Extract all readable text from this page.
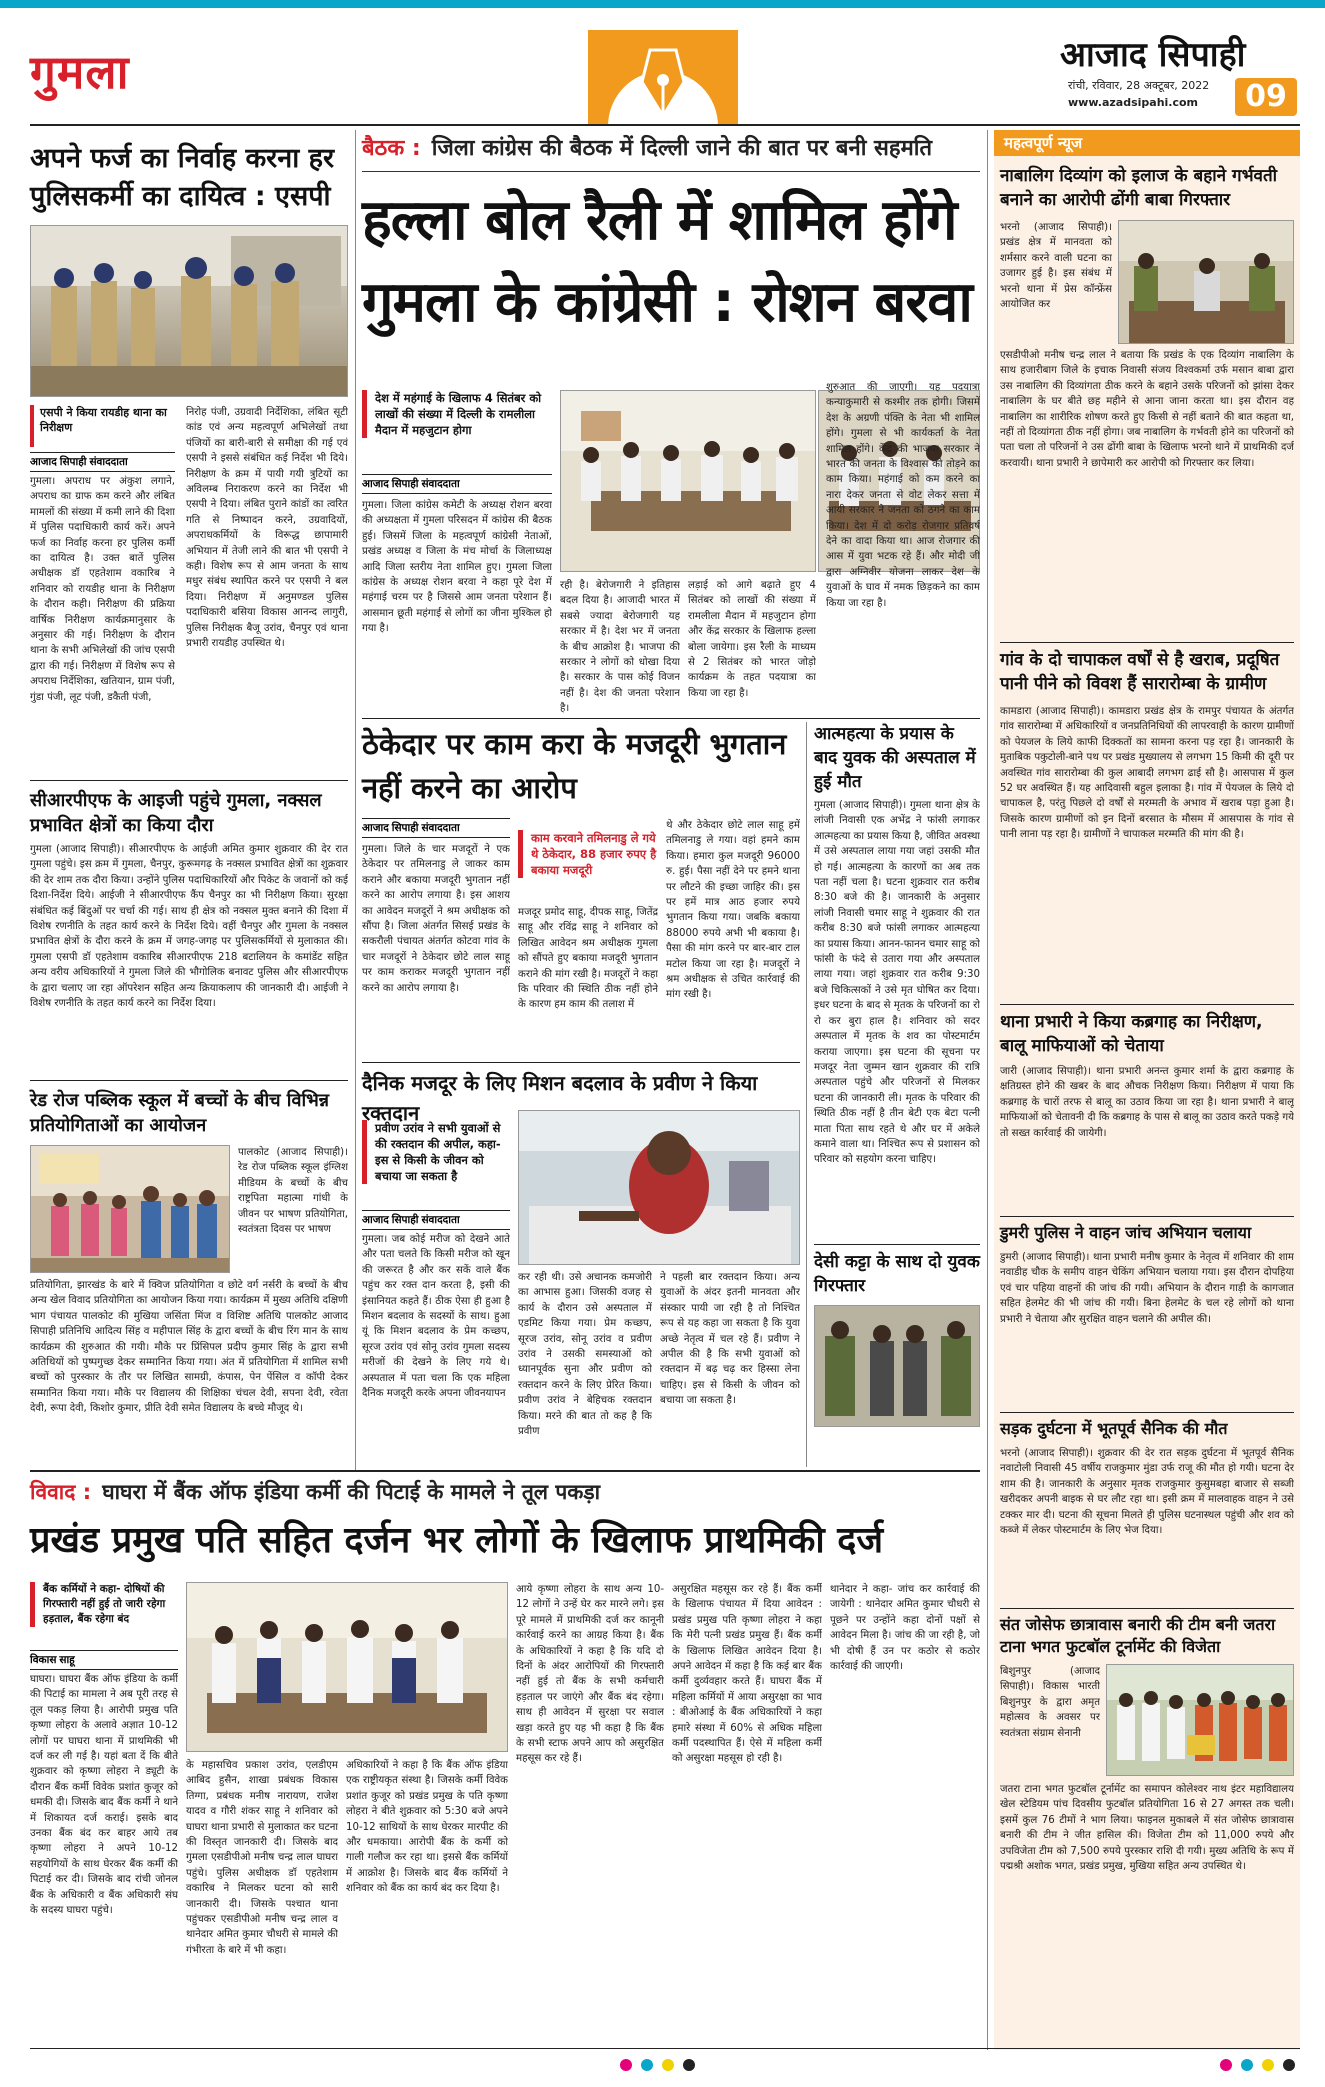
गुमला	आजाद सिपाही
रांची, रविवार, 28 अक्टूबर, 2022
www.azadsipahi.com	09
अपने फर्ज का निर्वाह करना हर पुलिसकर्मी का दायित्व : एसपी
एसपी ने किया रायडीह थाना का निरीक्षण
आजाद सिपाही संवाददाता
गुमला। अपराध पर अंकुश लगाने, अपराध का ग्राफ कम करने और लंबित मामलों की संख्या में कमी लाने की दिशा में पुलिस पदाधिकारी कार्य करें। अपने फर्ज का निर्वाह करना हर पुलिस कर्मी का दायित्व है। उक्त बातें पुलिस अधीक्षक डॉ एहतेशाम वकारिब ने शनिवार को रायडीह थाना के निरीक्षण के दौरान कही। निरीक्षण की प्रक्रिया वार्षिक निरीक्षण कार्यक्रमानुसार के अनुसार की गई। निरीक्षण के दौरान थाना के सभी अभिलेखों की जांच एसपी द्वारा की गई। निरीक्षण में विशेष रूप से अपराध निर्देशिका, खतियान, ग्राम पंजी, गुंडा पंजी, लूट पंजी, डकैती पंजी,
निरोह पंजी, उग्रवादी निर्देशिका, लंबित सूटी कांड एवं अन्य महत्वपूर्ण अभिलेखों तथा पंजियों का बारी-बारी से समीक्षा की गई एवं एसपी ने इससे संबंधित कई निर्देश भी दिये। निरीक्षण के क्रम में पायी गयी त्रुटियों का अविलम्ब निराकरण करने का निर्देश भी एसपी ने दिया। लंबित पुराने कांडों का त्वरित गति से निष्पादन करने, उग्रवादियों, अपराधकर्मियों के विरूद्ध छापामारी अभियान में तेजी लाने की बात भी एसपी ने कही। विशेष रूप से आम जनता के साथ मधुर संबंध स्थापित करने पर एसपी ने बल दिया। निरीक्षण में अनुमण्डल पुलिस पदाधिकारी बसिया विकास आनन्द लागुरी, पुलिस निरीक्षक बैजू उरांव, चैनपुर एवं थाना प्रभारी रायडीह उपस्थित थे।
सीआरपीएफ के आइजी पहुंचे गुमला, नक्सल प्रभावित क्षेत्रों का किया दौरा
गुमला (आजाद सिपाही)। सीआरपीएफ के आईजी अमित कुमार शुक्रवार की देर रात गुमला पहुंचे। इस क्रम में गुमला, चैनपुर, कुरूमगढ़ के नक्सल प्रभावित क्षेत्रों का शुक्रवार की देर शाम तक दौरा किया। उन्होंने पुलिस पदाधिकारियों और पिकेट के जवानों को कई दिशा-निर्देश दिये। आईजी ने सीआरपीएफ कैंप चैनपुर का भी निरीक्षण किया। सुरक्षा संबंधित कई बिंदुओं पर चर्चा की गई। साथ ही क्षेत्र को नक्सल मुक्त बनाने की दिशा में विशेष रणनीति के तहत कार्य करने के निर्देश दिये। वहीं चैनपुर और गुमला के नक्सल प्रभावित क्षेत्रों के दौरा करने के क्रम में जगह-जगह पर पुलिसकर्मियों से मुलाकात की। गुमला एसपी डॉ एहतेशाम वकारिब सीआरपीएफ 218 बटालियन के कमांडेंट सहित अन्य वरीय अधिकारियों ने गुमला जिले की भौगोलिक बनावट पुलिस और सीआरपीएफ के द्वारा चलाए जा रहा ऑपरेशन सहित अन्य क्रियाकलाप की जानकारी दी। आईजी ने विशेष रणनीति के तहत कार्य करने का निर्देश दिया।
रेड रोज पब्लिक स्कूल में बच्चों के बीच विभिन्न प्रतियोगिताओं का आयोजन
पालकोट (आजाद सिपाही)। रेड रोज पब्लिक स्कूल इंग्लिश मीडियम के बच्चों के बीच राष्ट्रपिता महात्मा गांधी के जीवन पर भाषण प्रतियोगिता, स्वतंत्रता दिवस पर भाषण
प्रतियोगिता, झारखंड के बारे में क्विज प्रतियोगिता व छोटे वर्ग नर्सरी के बच्चों के बीच अन्य खेल विवाद प्रतियोगिता का आयोजन किया गया। कार्यक्रम में मुख्य अतिथि दक्षिणी भाग पंचायत पालकोट की मुखिया जसिंता मिंज व विशिष्ट अतिथि पालकोट आजाद सिपाही प्रतिनिधि आदित्य सिंह व महीपाल सिंह के द्वारा बच्चों के बीच रिंग मान के साथ कार्यक्रम की शुरुआत की गयी। मौके पर प्रिंसिपल प्रदीप कुमार सिंह के द्वारा सभी अतिथियों को पुष्पगुच्छ देकर सम्मानित किया गया। अंत में प्रतियोगिता में शामिल सभी बच्चों को पुरस्कार के तौर पर लिखित सामग्री, कंपास, पेन पेंसिल व कॉपी देकर सम्मानित किया गया। मौके पर विद्यालय की शिक्षिका चंचल देवी, सपना देवी, रवेता देवी, रूपा देवी, किशोर कुमार, प्रीति देवी समेत विद्यालय के बच्चे मौजूद थे।
बैठक : जिला कांग्रेस की बैठक में दिल्ली जाने की बात पर बनी सहमति
हल्ला बोल रैली में शामिल होंगे गुमला के कांग्रेसी : रोशन बरवा
देश में महंगाई के खिलाफ 4 सितंबर को लाखों की संख्या में दिल्ली के रामलीला मैदान में महजुटान होगा
आजाद सिपाही संवाददाता
गुमला। जिला कांग्रेस कमेटी के अध्यक्ष रोशन बरवा की अध्यक्षता में गुमला परिसदन में कांग्रेस की बैठक हुई। जिसमें जिला के महत्वपूर्ण कांग्रेसी नेताओं, प्रखंड अध्यक्ष व जिला के मंच मोर्चा के जिलाध्यक्ष आदि जिला स्तरीय नेता शामिल हुए। गुमला जिला कांग्रेस के अध्यक्ष रोशन बरवा ने कहा पूरे देश में महंगाई चरम पर है जिससे आम जनता परेशान हैं। आसमान छूती महंगाई से लोगों का जीना मुश्किल हो गया है।
रही है। बेरोजगारी ने इतिहास बदल दिया है। आजादी भारत में सबसे ज्यादा बेरोजगारी यह सरकार में है। देश भर में जनता के बीच आक्रोश है। भाजपा की सरकार ने लोगों को धोखा दिया है। सरकार के पास कोई विजन नहीं है। देश की जनता परेशान है।
लड़ाई को आगे बढ़ाते हुए 4 सितंबर को लाखों की संख्या में रामलीला मैदान में महजुटान होगा और केंद्र सरकार के खिलाफ हल्ला बोला जायेगा। इस रैली के माध्यम से 2 सितंबर को भारत जोड़ो कार्यक्रम के तहत पदयात्रा का किया जा रहा है।
शुरुआत की जाएगी। यह पदयात्रा कन्याकुमारी से कश्मीर तक होगी। जिसमें देश के अग्रणी पंक्ति के नेता भी शामिल होंगे। गुमला से भी कार्यकर्ता के नेता शामिल होंगे। केंद्र की भाजपा सरकार ने भारत की जनता के विश्वास को तोड़ने का काम किया। महंगाई को कम करने का नारा देकर जनता से वोट लेकर सत्ता में आयी सरकार ने जनता को ठगने का काम किया। देश में दो करोड़ रोजगार प्रतिवर्ष देने का वादा किया था। आज रोजगार की आस में युवा भटक रहे हैं। और मोदी जी द्वारा अग्निवीर योजना लाकर देश के युवाओं के घाव में नमक छिड़कने का काम किया जा रहा है।
ठेकेदार पर काम करा के मजदूरी भुगतान नहीं करने का आरोप
आजाद सिपाही संवाददाता
गुमला। जिले के चार मजदूरों ने एक ठेकेदार पर तमिलनाडु ले जाकर काम कराने और बकाया मजदूरी भुगतान नहीं करने का आरोप लगाया है। इस आशय का आवेदन मजदूरों ने श्रम अधीक्षक को सौंपा है। जिला अंतर्गत सिसई प्रखंड के सकरौली पंचायत अंतर्गत कोटवा गांव के चार मजदूरों ने ठेकेदार छोटे लाल साहू पर काम कराकर मजदूरी भुगतान नहीं करने का आरोप लगाया है।
काम करवाने तमिलनाडु ले गये थे ठेकेदार, 88 हजार रुपए है बकाया मजदूरी
मजदूर प्रमोद साहू, दीपक साहू, जितेंद्र साहू और रविंद्र साहू ने शनिवार को लिखित आवेदन श्रम अधीक्षक गुमला को सौंपते हुए बकाया मजदूरी भुगतान कराने की मांग रखी है। मजदूरों ने कहा कि परिवार की स्थिति ठीक नहीं होने के कारण हम काम की तलाश में
थे और ठेकेदार छोटे लाल साहू हमें तमिलनाडु ले गया। वहां हमने काम किया। हमारा कुल मजदूरी 96000 रु. हुई। पैसा नहीं देने पर हमने थाना पर लौटने की इच्छा जाहिर की। इस पर हमें मात्र आठ हजार रुपये भुगतान किया गया। जबकि बकाया 88000 रुपये अभी भी बकाया है। पैसा की मांग करने पर बार-बार टाल मटोल किया जा रहा है। मजदूरों ने श्रम अधीक्षक से उचित कार्रवाई की मांग रखी है।
दैनिक मजदूर के लिए मिशन बदलाव के प्रवीण ने किया रक्तदान
प्रवीण उरांव ने सभी युवाओं से की रक्तदान की अपील, कहा- इस से किसी के जीवन को बचाया जा सकता है
आजाद सिपाही संवाददाता
गुमला। जब कोई मरीज को देखने आते और पता चलते कि किसी मरीज को खून की जरूरत है और कर सकें वाले बैंक पहुंच कर रक्त दान करता है, इसी की इंसानियत कहते हैं। ठीक ऐसा ही हुआ है मिशन बदलाव के सदस्यों के साथ। हुआ यूं कि मिशन बदलाव के प्रेम कच्छप, सूरज उरांव एवं सोनू उरांव गुमला सदस्य मरीजों की देखने के लिए गये थे। अस्पताल में पता चला कि एक महिला दैनिक मजदूरी करके अपना जीवनयापन
कर रही थी। उसे अचानक कमजोरी का आभास हुआ। जिसकी वजह से कार्य के दौरान उसे अस्पताल में एडमिट किया गया। प्रेम कच्छप, सूरज उरांव, सोनू उरांव व प्रवीण उरांव ने उसकी समस्याओं को ध्यानपूर्वक सुना और प्रवीण को रक्तदान करने के लिए प्रेरित किया। प्रवीण उरांव ने बेहिचक रक्तदान किया। मरने की बात तो कह है कि प्रवीण
ने पहली बार रक्तदान किया। अन्य युवाओं के अंदर इतनी मानवता और संस्कार पायी जा रही है तो निश्चित रूप से यह कहा जा सकता है कि युवा अच्छे नेतृत्व में चल रहे हैं। प्रवीण ने अपील की है कि सभी युवाओं को रक्तदान में बढ़ चढ़ कर हिस्सा लेना चाहिए। इस से किसी के जीवन को बचाया जा सकता है।
आत्महत्या के प्रयास के बाद युवक की अस्पताल में हुई मौत
गुमला (आजाद सिपाही)। गुमला थाना क्षेत्र के लांजी निवासी एक अभेंद्र ने फांसी लगाकर आत्महत्या का प्रयास किया है, जीवित अवस्था में उसे अस्पताल लाया गया जहां उसकी मौत हो गई। आत्महत्या के कारणों का अब तक पता नहीं चला है। घटना शुक्रवार रात करीब 8:30 बजे की है। जानकारी के अनुसार लांजी निवासी चमार साहू ने शुक्रवार की रात करीब 8:30 बजे फांसी लगाकर आत्महत्या का प्रयास किया। आनन-फानन चमार साहू को फांसी के फंदे से उतारा गया और अस्पताल लाया गया। जहां शुक्रवार रात करीब 9:30 बजे चिकित्सकों ने उसे मृत घोषित कर दिया। इधर घटना के बाद से मृतक के परिजनों का रो रो कर बुरा हाल है। शनिवार को सदर अस्पताल में मृतक के शव का पोस्टमार्टम कराया जाएगा। इस घटना की सूचना पर मजदूर नेता जुम्मन खान शुक्रवार की रात्रि अस्पताल पहुंचे और परिजनों से मिलकर घटना की जानकारी ली। मृतक के परिवार की स्थिति ठीक नहीं है तीन बेटी एक बेटा पत्नी माता पिता साथ रहते थे और घर में अकेले कमाने वाला था। निश्चित रूप से प्रशासन को परिवार को सहयोग करना चाहिए।
देसी कट्टा के साथ दो युवक गिरफ्तार
विवाद : घाघरा में बैंक ऑफ इंडिया कर्मी की पिटाई के मामले ने तूल पकड़ा
प्रखंड प्रमुख पति सहित दर्जन भर लोगों के खिलाफ प्राथमिकी दर्ज
बैंक कर्मियों ने कहा- दोषियों की गिरफ्तारी नहीं हुई तो जारी रहेगा हड़ताल, बैंक रहेगा बंद
विकास साहू
घाघरा। घाघरा बैंक ऑफ इंडिया के कर्मी की पिटाई का मामला ने अब पूरी तरह से तूल पकड़ लिया है। आरोपी प्रमुख पति कृष्णा लोहरा के अलावे अज्ञात 10-12 लोगों पर घाघरा थाना में प्राथमिकी भी दर्ज कर ली गई है। यहां बता दें कि बीते शुक्रवार को कृष्णा लोहरा ने ड्यूटी के दौरान बैंक कर्मी विवेक प्रशांत कुजूर को धमकी दी। जिसके बाद बैंक कर्मी ने थाने में शिकायत दर्ज कराई। इसके बाद उनका बैंक बंद कर बाहर आये तब कृष्णा लोहरा ने अपने 10-12 सहयोगियों के साथ घेरकर बैंक कर्मी की पिटाई कर दी। जिसके बाद रांची जोनल बैंक के अधिकारी व बैंक अधिकारी संघ के सदस्य घाघरा पहुंचे।
के महासचिव प्रकाश उरांव, एलडीएम आबिद हुसैन, शाखा प्रबंधक विकास तिग्गा, प्रबंधक मनीष नारायण, राजेश यादव व गौरी शंकर साहू ने शनिवार को घाघरा थाना प्रभारी से मुलाकात कर घटना की विस्तृत जानकारी दी। जिसके बाद गुमला एसडीपीओ मनीष चन्द्र लाल घाघरा पहुंचे। पुलिस अधीक्षक डॉ एहतेशाम वकारिब ने मिलकर घटना को सारी जानकारी दी। जिसके पश्चात थाना पहुंचकर एसडीपीओ मनीष चन्द्र लाल व थानेदार अमित कुमार चौधरी से मामले की गंभीरता के बारे में भी कहा।
अधिकारियों ने कहा है कि बैंक ऑफ इंडिया एक राष्ट्रीयकृत संस्था है। जिसके कर्मी विवेक प्रशांत कुजूर को प्रखंड प्रमुख के पति कृष्णा लोहरा ने बीते शुक्रवार को 5:30 बजे अपने 10-12 साथियों के साथ घेरकर मारपीट की और धमकाया। आरोपी बैंक के कर्मी को गाली गलौज कर रहा था। इससे बैंक कर्मियों में आक्रोश है। जिसके बाद बैंक कर्मियों ने शनिवार को बैंक का कार्य बंद कर दिया है।
आये कृष्णा लोहरा के साथ अन्य 10-12 लोगों ने उन्हें घेर कर मारने लगे। इस पूरे मामले में प्राथमिकी दर्ज कर कानूनी कार्रवाई करने का आग्रह किया है। बैंक के अधिकारियों ने कहा है कि यदि दो दिनों के अंदर आरोपियों की गिरफ्तारी नहीं हुई तो बैंक के सभी कर्मचारी हड़ताल पर जाएंगे और बैंक बंद रहेगा। साथ ही आवेदन में सुरक्षा पर सवाल खड़ा करते हुए यह भी कहा है कि बैंक के सभी स्टाफ अपने आप को असुरक्षित महसूस कर रहे हैं।
असुरक्षित महसूस कर रहे हैं। बैंक कर्मी के खिलाफ पंचायत में दिया आवेदन : प्रखंड प्रमुख पति कृष्णा लोहरा ने कहा कि मेरी पत्नी प्रखंड प्रमुख हैं। बैंक कर्मी के खिलाफ लिखित आवेदन दिया है। अपने आवेदन में कहा है कि कई बार बैंक कर्मी दुर्व्यवहार करते हैं। घाघरा बैंक में महिला कर्मियों में आया असुरक्षा का भाव : बीओआई के बैंक अधिकारियों ने कहा हमारे संस्था में 60% से अधिक महिला कर्मी पदस्थापित हैं। ऐसे में महिला कर्मी को असुरक्षा महसूस हो रही है।
थानेदार ने कहा- जांच कर कार्रवाई की जायेगी : थानेदार अमित कुमार चौधरी से पूछने पर उन्होंने कहा दोनों पक्षों से आवेदन मिला है। जांच की जा रही है, जो भी दोषी हैं उन पर कठोर से कठोर कार्रवाई की जाएगी।
महत्वपूर्ण न्यूज
नाबालिग दिव्यांग को इलाज के बहाने गर्भवती बनाने का आरोपी ढोंगी बाबा गिरफ्तार
भरनो (आजाद सिपाही)। प्रखंड क्षेत्र में मानवता को शर्मसार करने वाली घटना का उजागर हुई है। इस संबंध में भरनो थाना में प्रेस कॉन्फ्रेंस आयोजित कर
एसडीपीओ मनीष चन्द्र लाल ने बताया कि प्रखंड के एक दिव्यांग नाबालिग के साथ हजारीबाग जिले के इचाक निवासी संजय विश्वकर्मा उर्फ मसान बाबा द्वारा उस नाबालिग की दिव्यांगता ठीक करने के बहाने उसके परिजनों को झांसा देकर नाबालिग के घर बीते छह महीने से आना जाना करता था। इस दौरान वह नाबालिग का शारीरिक शोषण करते हुए किसी से नहीं बताने की बात कहता था, नहीं तो दिव्यांगता ठीक नहीं होगा। जब नाबालिग के गर्भवती होने का परिजनों को पता चला तो परिजनों ने उस ढोंगी बाबा के खिलाफ भरनो थाने में प्राथमिकी दर्ज करवायी। थाना प्रभारी ने छापेमारी कर आरोपी को गिरफ्तार कर लिया।
गांव के दो चापाकल वर्षों से है खराब, प्रदूषित पानी पीने को विवश हैं सारारोम्बा के ग्रामीण
कामडारा (आजाद सिपाही)। कामडारा प्रखंड क्षेत्र के रामपुर पंचायत के अंतर्गत गांव सारारोम्बा में अधिकारियों व जनप्रतिनिधियों की लापरवाही के कारण ग्रामीणों को पेयजल के लिये काफी दिक्कतों का सामना करना पड़ रहा है। जानकारी के मुताबिक पकुटोली-बाने पथ पर प्रखंड मुख्यालय से लगभग 15 किमी की दूरी पर अवस्थित गांव सारारोम्बा की कुल आबादी लगभग ढाई सौ है। आसपास में कुल 52 घर अवस्थित हैं। यह आदिवासी बहुल इलाका है। गांव में पेयजल के लिये दो चापाकल है, परंतु पिछले दो वर्षों से मरम्मती के अभाव में खराब पड़ा हुआ है। जिसके कारण ग्रामीणों को इन दिनों बरसात के मौसम में आसपास के गांव से पानी लाना पड़ रहा है। ग्रामीणों ने चापाकल मरम्मति की मांग की है।
थाना प्रभारी ने किया कब्रगाह का निरीक्षण, बालू माफियाओं को चेताया
जारी (आजाद सिपाही)। थाना प्रभारी अनन्त कुमार शर्मा के द्वारा कब्रगाह के क्षतिग्रस्त होने की खबर के बाद औचक निरीक्षण किया। निरीक्षण में पाया कि कब्रगाह के चारों तरफ से बालू का उठाव किया जा रहा है। थाना प्रभारी ने बालू माफियाओं को चेतावनी दी कि कब्रगाह के पास से बालू का उठाव करते पकड़े गये तो सख्त कार्रवाई की जायेगी।
डुमरी पुलिस ने वाहन जांच अभियान चलाया
डुमरी (आजाद सिपाही)। थाना प्रभारी मनीष कुमार के नेतृत्व में शनिवार की शाम नवाडीह चौक के समीप वाहन चेकिंग अभियान चलाया गया। इस दौरान दोपहिया एवं चार पहिया वाहनों की जांच की गयी। अभियान के दौरान गाड़ी के कागजात सहित हेलमेट की भी जांच की गयी। बिना हेलमेट के चल रहे लोगों को थाना प्रभारी ने चेताया और सुरक्षित वाहन चलाने की अपील की।
सड़क दुर्घटना में भूतपूर्व सैनिक की मौत
भरनो (आजाद सिपाही)। शुक्रवार की देर रात सड़क दुर्घटना में भूतपूर्व सैनिक नवाटोली निवासी 45 वर्षीय राजकुमार मुंडा उर्फ राजू की मौत हो गयी। घटना देर शाम की है। जानकारी के अनुसार मृतक राजकुमार कुसुमबहा बाजार से सब्जी खरीदकर अपनी बाइक से घर लौट रहा था। इसी क्रम में मालवाहक वाहन ने उसे टक्कर मार दी। घटना की सूचना मिलते ही पुलिस घटनास्थल पहुंची और शव को कब्जे में लेकर पोस्टमार्टम के लिए भेज दिया।
संत जोसेफ छात्रावास बनारी की टीम बनी जतरा टाना भगत फुटबॉल टूर्नामेंट की विजेता
बिशुनपुर (आजाद सिपाही)। विकास भारती बिशुनपुर के द्वारा अमृत महोत्सव के अवसर पर स्वतंत्रता संग्राम सेनानी
जतरा टाना भगत फुटबॉल टूर्नामेंट का समापन कोलेश्वर नाथ इंटर महाविद्यालय खेल स्टेडियम पांच दिवसीय फुटबॉल प्रतियोगिता 16 से 27 अगस्त तक चली। इसमें कुल 76 टीमों ने भाग लिया। फाइनल मुकाबले में संत जोसेफ छात्रावास बनारी की टीम ने जीत हासिल की। विजेता टीम को 11,000 रुपये और उपविजेता टीम को 7,500 रुपये पुरस्कार राशि दी गयी। मुख्य अतिथि के रूप में पद्मश्री अशोक भगत, प्रखंड प्रमुख, मुखिया सहित अन्य उपस्थित थे।
